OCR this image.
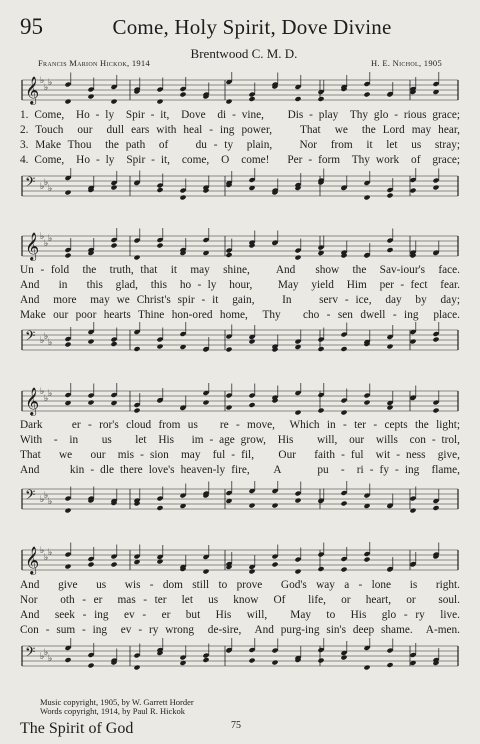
95	Come, Holy Spirit, Dove Divine
Brentwood C. M. D.
Francis Marion Hickok, 1914	H. E. Nichol, 1905
𝄞 ♭
♭ ♭
1. Come,  Ho - ly  Spir - it,  Dove  di - vine,    Dis - play  Thy glo - rious grace;
2. Touch  our  dull ears with heal - ing power,    That  we  the Lord may hear,
3. Make Thou  the path  of    du - ty  plain,    Nor  from  it  let  us  stray;
4. Come,  Ho - ly  Spir - it,  come,  O  come!   Per - form  Thy work  of  grace;
𝄢 ♭ ♭
♭
𝄞 ♭
♭ ♭
Un - fold  the  truth, that  it  may  shine,    And   show  the  Sav-iour's  face.
And   in   this  glad,  this  ho - ly  hour,    May  yield  Him  per - fect  fear.
And  more  may we Christ's spir - it  gain,    In    serv - ice,  day  by  day;
Make our poor hearts Thine hon-ored home,  Thy   cho - sen dwell - ing  place.
𝄢 ♭ ♭
♭
𝄞 ♭
♭ ♭
Dark    er - ror's cloud from us   re - move,  Which in - ter - cepts the light;
With  -  in    us    let  His   im - age grow,  His    will,  our  wills  con - trol,
That   we   our  mis - sion  may  ful - fil,    Our   faith - ful  wit - ness  give,
And     kin - dle there love's heaven-ly fire,    A      pu  -  ri - fy - ing  flame,
𝄢 ♭ ♭
♭
𝄞 ♭
♭ ♭
And  give  us  wis - dom still to prove  God's way a - lone  is  right.
Nor   oth - er  mas - ter  let  us  know  Of   life,  or  heart,  or   soul.
And  seek - ing  ev -  er  but  His  will,   May  to  His  glo - ry  live.
Con - sum - ing  ev - ry wrong  de-sire,  And purg-ing sin's deep shame.  A-men.
𝄢 ♭ ♭
♭
Music copyright, 1905, by W. Garrett Horder
Words copyright, 1914, by Paul R. Hickok
The Spirit of God	75
